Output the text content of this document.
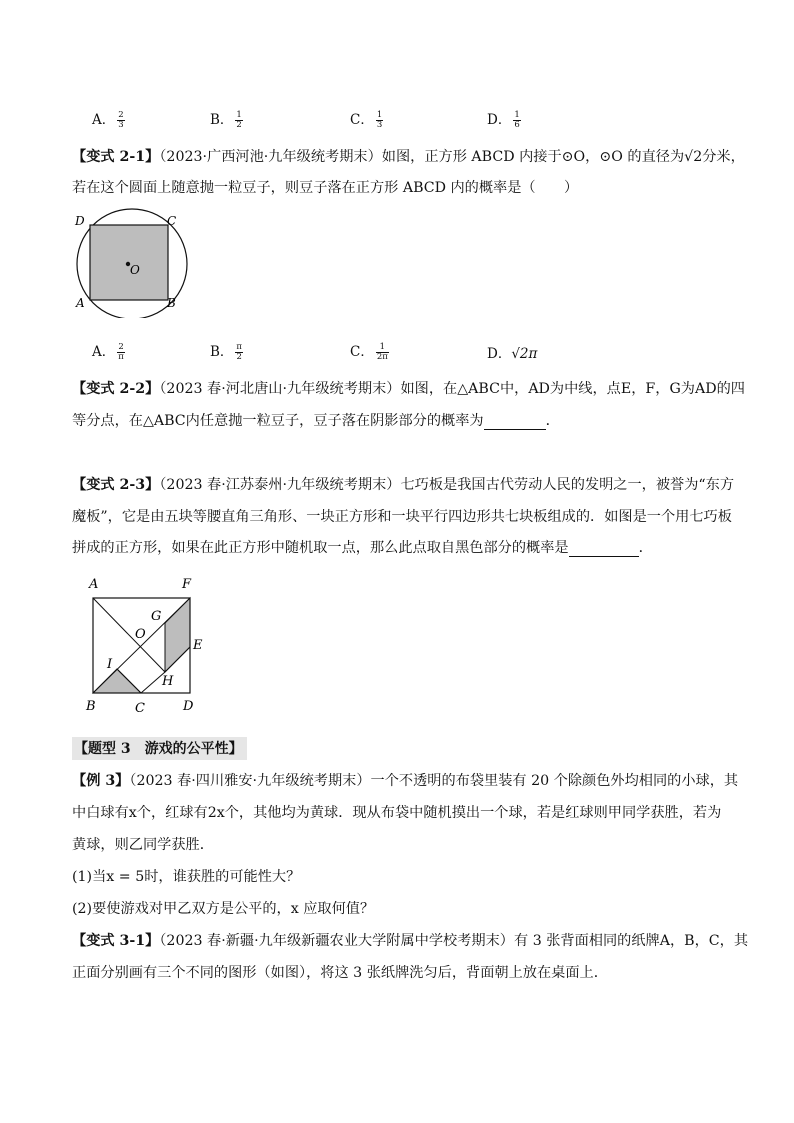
A． $\frac{2}{3}$	B． $\frac{1}{2}$	C． $\frac{1}{3}$	D． $\frac{1}{6}$
【变式 2-1】（2023·广西河池·九年级统考期末）如图，正方形 ABCD 内接于⊙O，⊙O 的直径为√2分米，
若在这个圆面上随意抛一粒豆子，则豆子落在正方形 ABCD 内的概率是（　　）
D	C
A	B
O
A． $\frac{2}{\pi}$	B． $\frac{\pi}{2}$	C． $\frac{1}{2\pi}$	D．√2π
【变式 2-2】（2023 春·河北唐山·九年级统考期末）如图，在△ABC中，AD为中线，点E，F，G为AD的四
等分点，在△ABC内任意抛一粒豆子，豆子落在阴影部分的概率为	．
【变式 2-3】（2023 春·江苏泰州·九年级统考期末）七巧板是我国古代劳动人民的发明之一，被誉为“东方
魔板”，它是由五块等腰直角三角形、一块正方形和一块平行四边形共七块板组成的．如图是一个用七巧板
拼成的正方形，如果在此正方形中随机取一点，那么此点取自黑色部分的概率是	．
A	F
G
O
E
I
H
B	C	D
【题型 3　游戏的公平性】
【例 3】（2023 春·四川雅安·九年级统考期末）一个不透明的布袋里装有 20 个除颜色外均相同的小球，其
中白球有x个，红球有2x个，其他均为黄球．现从布袋中随机摸出一个球，若是红球则甲同学获胜，若为
黄球，则乙同学获胜．
(1)当x = 5时，谁获胜的可能性大？
(2)要使游戏对甲乙双方是公平的，x 应取何值？
【变式 3-1】（2023 春·新疆·九年级新疆农业大学附属中学校考期末）有 3 张背面相同的纸牌A，B，C，其
正面分别画有三个不同的图形（如图），将这 3 张纸牌洗匀后，背面朝上放在桌面上．
